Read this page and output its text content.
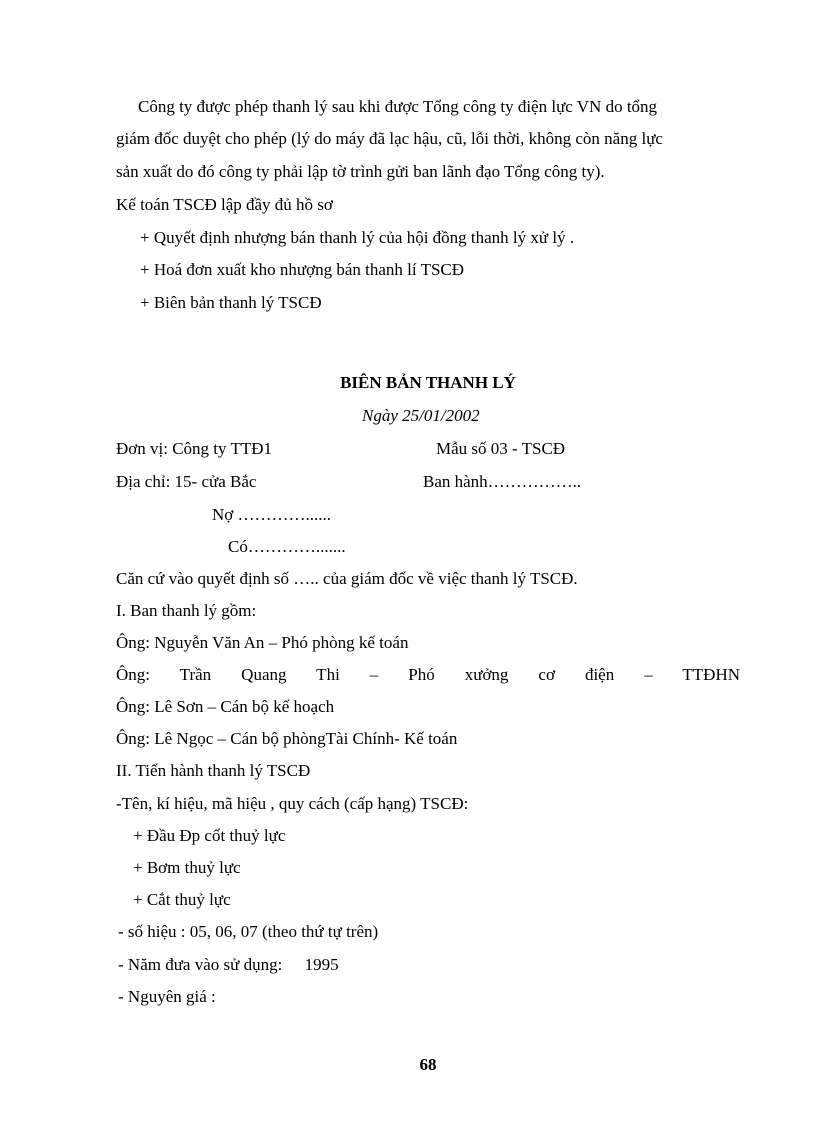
Công ty được phép thanh lý sau khi được Tổng công ty điện lực VN do tổng
giám đốc duyệt cho phép (lý do máy đã lạc hậu, cũ, lỗi thời, không còn năng lực
sản xuất do đó công ty phải lập tờ trình gửi ban lãnh đạo Tổng công ty).
Kế toán TSCĐ lập đầy đủ hồ sơ
+ Quyết định nhượng bán thanh lý của hội đồng thanh lý xử lý .
+ Hoá đơn xuất kho nhượng bán thanh lí TSCĐ
+ Biên bản thanh lý TSCĐ
BIÊN BẢN THANH LÝ
Ngày 25/01/2002
Đơn vị: Công ty TTĐ1	Mẫu số 03 - TSCĐ
Địa chỉ: 15- cửa Bắc	Ban hành……………..
Nợ …………......
Có………….......
Căn cứ vào quyết định số ….. của giám đốc về việc thanh lý TSCĐ.
I. Ban thanh lý gồm:
Ông: Nguyễn Văn An – Phó phòng kế toán
Ông: Trần Quang Thi – Phó xưởng cơ điện – TTĐHN
Ông: Lê Sơn – Cán bộ kế hoạch
Ông: Lê Ngọc – Cán bộ phòngTài Chính- Kế toán
II. Tiến hành thanh lý TSCĐ
-Tên, kí hiệu, mã hiệu , quy cách (cấp hạng) TSCĐ:
+ Đầu Đp cốt thuỷ lực
+ Bơm thuỷ lực
+ Cắt thuỷ lực
- số hiệu : 05, 06, 07 (theo thứ tự trên)
- Năm đưa vào sử dụng: 1995
- Nguyên giá :
68
